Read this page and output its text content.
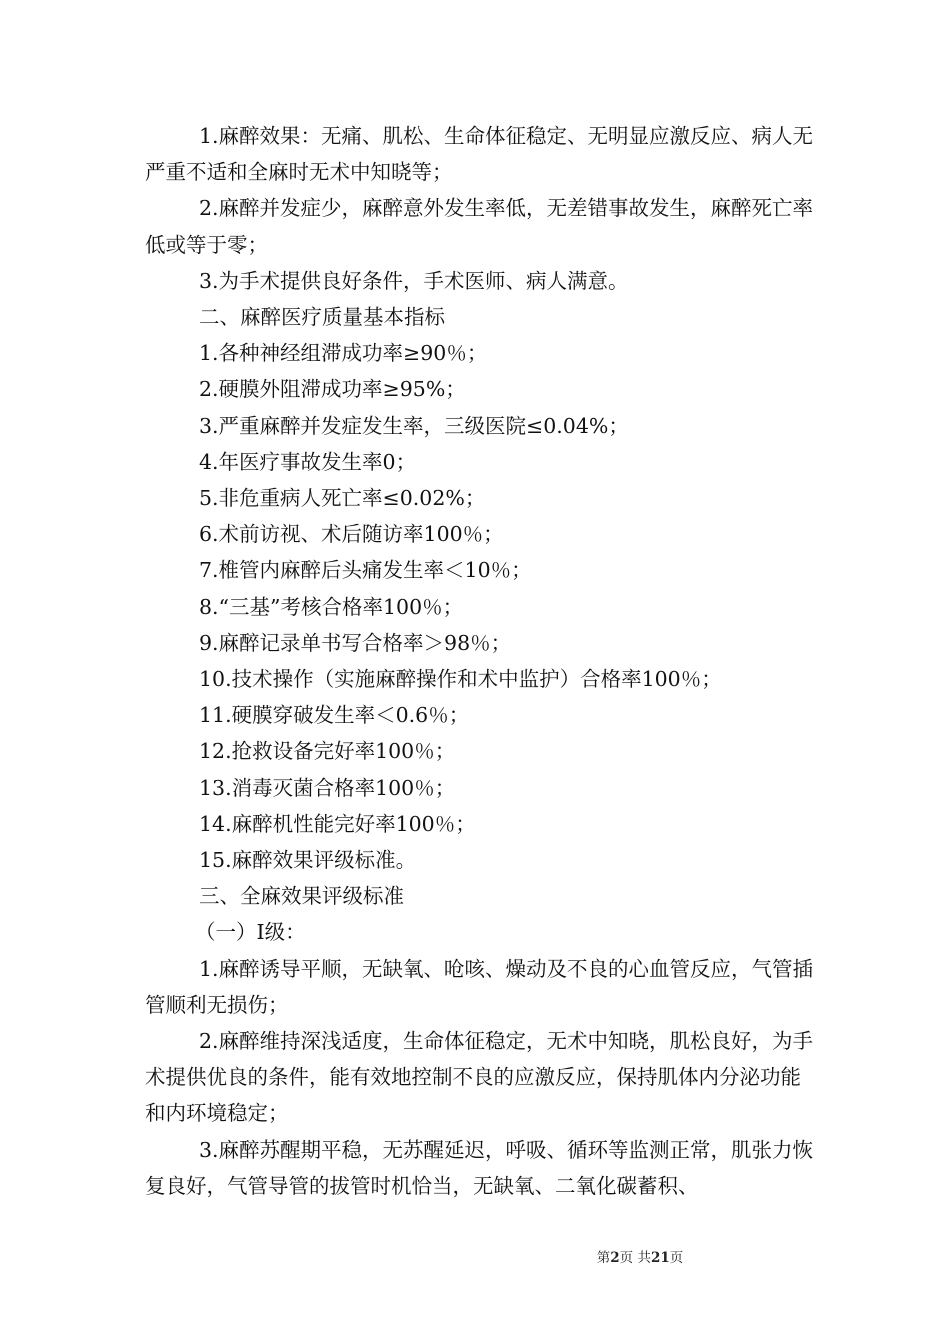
1.麻醉效果：无痛、肌松、生命体征稳定、无明显应激反应、病人无严重不适和全麻时无术中知晓等；

2.麻醉并发症少，麻醉意外发生率低，无差错事故发生，麻醉死亡率低或等于零；

3.为手术提供良好条件，手术医师、病人满意。

二、麻醉医疗质量基本指标

1.各种神经组滞成功率≥90％；

2.硬膜外阻滞成功率≥95%；

3.严重麻醉并发症发生率，三级医院≤0.04%；

4.年医疗事故发生率0；

5.非危重病人死亡率≤0.02%；

6.术前访视、术后随访率100％；

7.椎管内麻醉后头痛发生率＜10％；

8.“三基”考核合格率100％；

9.麻醉记录单书写合格率＞98％；

10.技术操作（实施麻醉操作和术中监护）合格率100％；

11.硬膜穿破发生率＜0.6％；

12.抢救设备完好率100％；

13.消毒灭菌合格率100％；

14.麻醉机性能完好率100％；

15.麻醉效果评级标准。

三、全麻效果评级标准

（一）Ⅰ级：

1.麻醉诱导平顺，无缺氧、呛咳、燥动及不良的心血管反应，气管插管顺利无损伤；

2.麻醉维持深浅适度，生命体征稳定，无术中知晓，肌松良好，为手术提供优良的条件，能有效地控制不良的应激反应，保持肌体内分泌功能和内环境稳定；

3.麻醉苏醒期平稳，无苏醒延迟，呼吸、循环等监测正常，肌张力恢复良好，气管导管的拔管时机恰当，无缺氧、二氧化碳蓄积、

第2页 共21页
